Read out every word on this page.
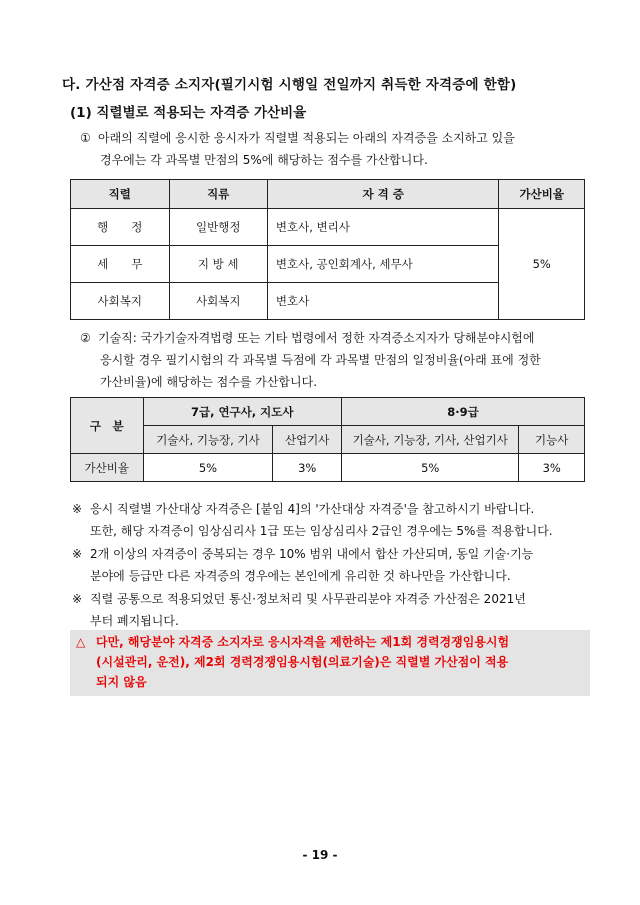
다. 가산점 자격증 소지자(필기시험 시행일 전일까지 취득한 자격증에 한함)
(1) 직렬별로 적용되는 자격증 가산비율
① 아래의 직렬에 응시한 응시자가 직렬별 적용되는 아래의 자격증을 소지하고 있을
경우에는 각 과목별 만점의 5%에 해당하는 점수를 가산합니다.
직렬	직류	자 격 증	가산비율
행　　정	일반행정	변호사, 변리사	5%
세　　무	지 방 세	변호사, 공인회계사, 세무사	
사회복지	사회복지	변호사	
② 기술직: 국가기술자격법령 또는 기타 법령에서 정한 자격증소지자가 당해분야시험에
응시할 경우 필기시험의 각 과목별 득점에 각 과목별 만점의 일정비율(아래 표에 정한
가산비율)에 해당하는 점수를 가산합니다.
구　분	7급, 연구사, 지도사		8·9급	
	기술사, 기능장, 기사	산업기사	기술사, 기능장, 기사, 산업기사	기능사
가산비율	5%	3%	5%	3%
※ 응시 직렬별 가산대상 자격증은 [붙임 4]의 '가산대상 자격증'을 참고하시기 바랍니다.
또한, 해당 자격증이 임상심리사 1급 또는 임상심리사 2급인 경우에는 5%를 적용합니다.
※ 2개 이상의 자격증이 중복되는 경우 10% 범위 내에서 합산 가산되며, 동일 기술·기능
분야에 등급만 다른 자격증의 경우에는 본인에게 유리한 것 하나만을 가산합니다.
※ 직렬 공통으로 적용되었던 통신·정보처리 및 사무관리분야 자격증 가산점은 2021년
부터 폐지됩니다.
△ 다만, 해당분야 자격증 소지자로 응시자격을 제한하는 제1회 경력경쟁임용시험
(시설관리, 운전), 제2회 경력경쟁임용시험(의료기술)은 직렬별 가산점이 적용
되지 않음
- 19 -
